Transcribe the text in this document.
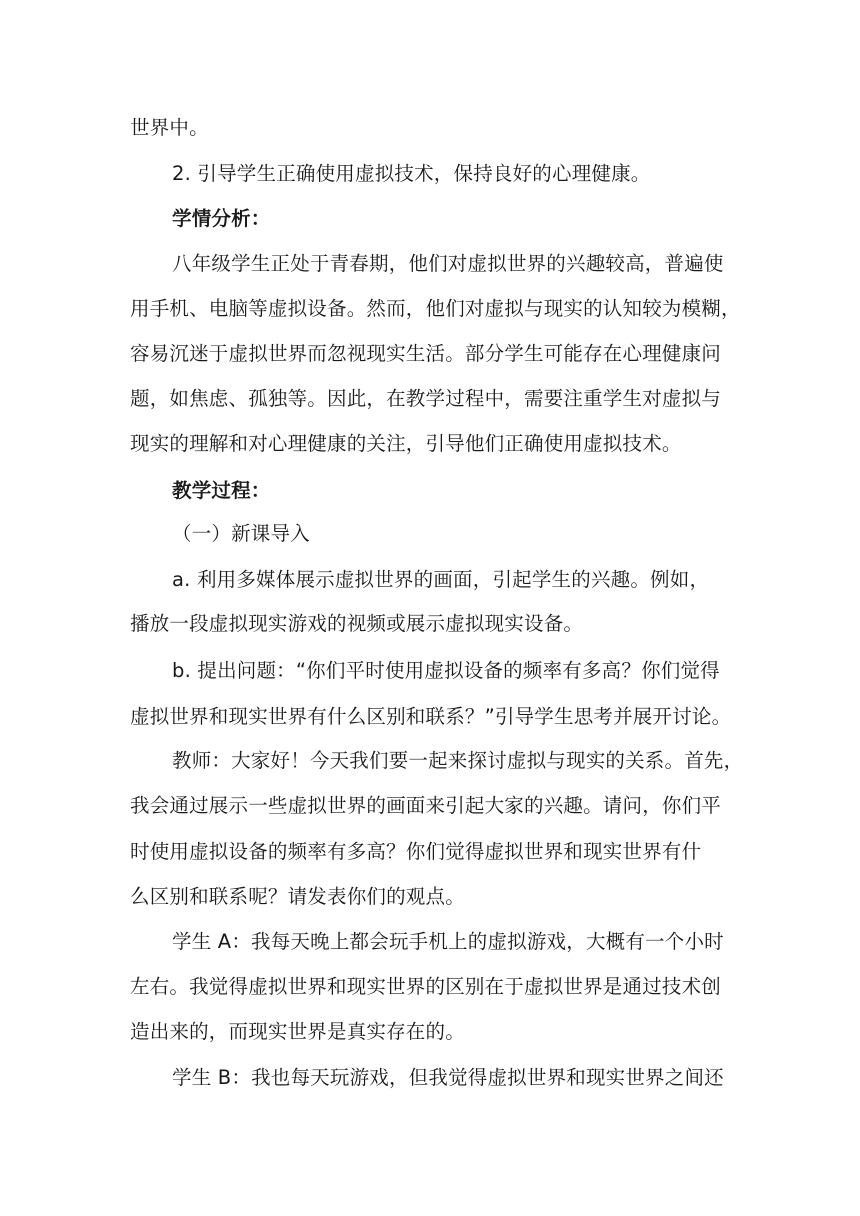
世界中。
2. 引导学生正确使用虚拟技术，保持良好的心理健康。
学情分析：
八年级学生正处于青春期，他们对虚拟世界的兴趣较高，普遍使
用手机、电脑等虚拟设备。然而，他们对虚拟与现实的认知较为模糊，
容易沉迷于虚拟世界而忽视现实生活。部分学生可能存在心理健康问
题，如焦虑、孤独等。因此，在教学过程中，需要注重学生对虚拟与
现实的理解和对心理健康的关注，引导他们正确使用虚拟技术。
教学过程：
（一）新课导入
a. 利用多媒体展示虚拟世界的画面，引起学生的兴趣。例如，
播放一段虚拟现实游戏的视频或展示虚拟现实设备。
b. 提出问题：“你们平时使用虚拟设备的频率有多高？你们觉得
虚拟世界和现实世界有什么区别和联系？”引导学生思考并展开讨论。
教师：大家好！今天我们要一起来探讨虚拟与现实的关系。首先，
我会通过展示一些虚拟世界的画面来引起大家的兴趣。请问，你们平
时使用虚拟设备的频率有多高？你们觉得虚拟世界和现实世界有什
么区别和联系呢？请发表你们的观点。
学生 A：我每天晚上都会玩手机上的虚拟游戏，大概有一个小时
左右。我觉得虚拟世界和现实世界的区别在于虚拟世界是通过技术创
造出来的，而现实世界是真实存在的。
学生 B：我也每天玩游戏，但我觉得虚拟世界和现实世界之间还
